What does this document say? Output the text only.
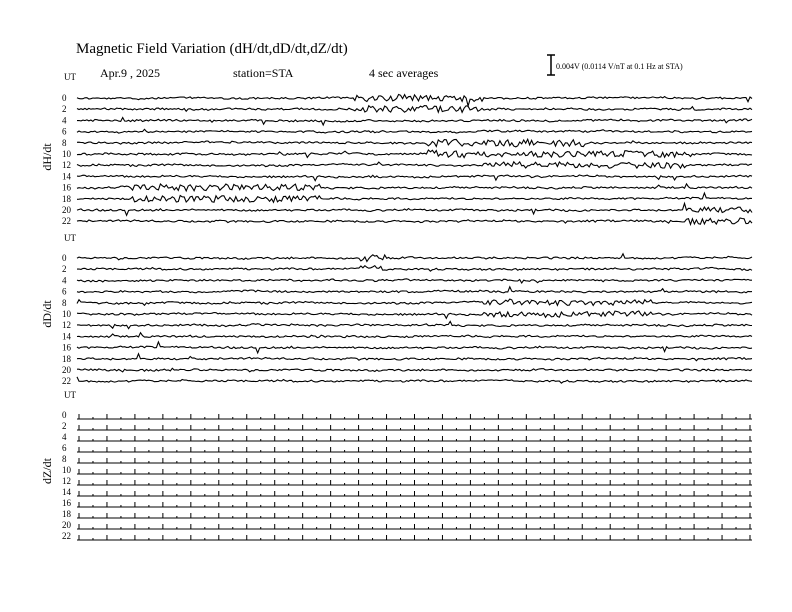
Magnetic Field Variation (dH/dt,dD/dt,dZ/dt)
Apr.9 , 2025	station=STA	4 sec averages	0.004V (0.0114 V/nT at 0.1 Hz at STA)
UT
dH/dt
0
2
4
6
8
10
12
14
16
18
20
22
UT
dD/dt
0
2
4
6
8
10
12
14
16
18
20
22
UT
dZ/dt
0
2
4
6
8
10
12
14
16
18
20
22
